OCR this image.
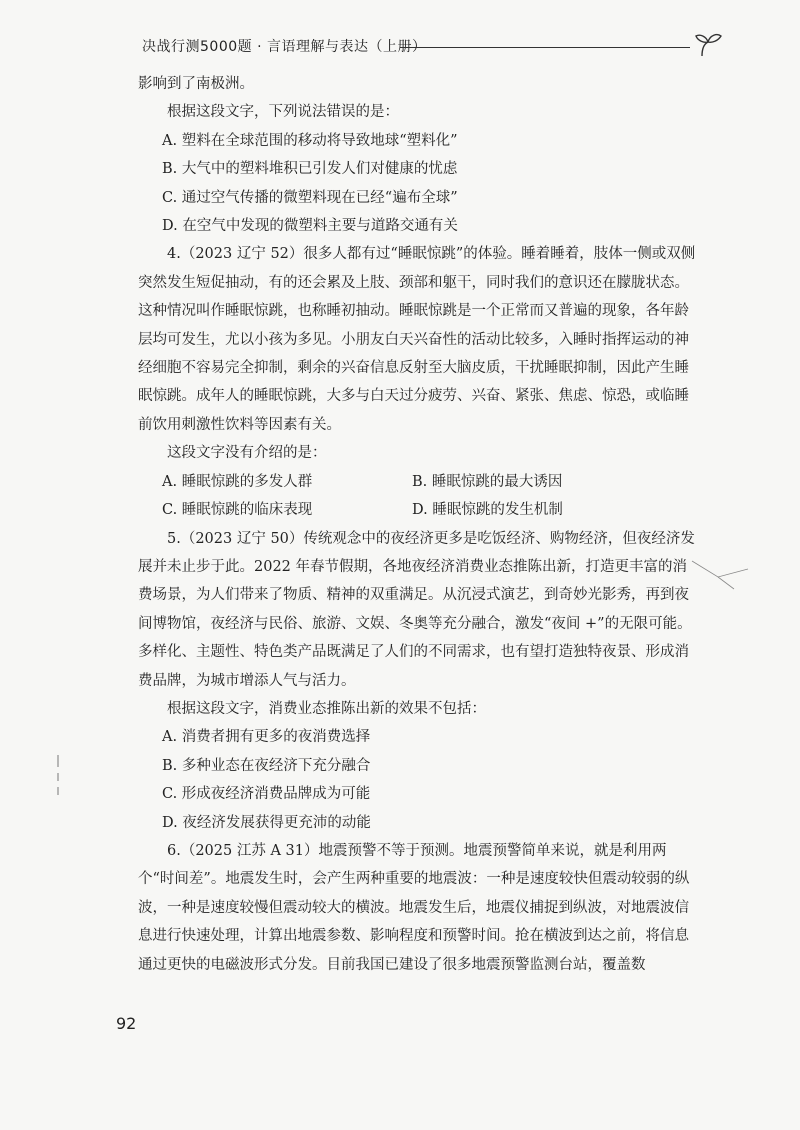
决战行测5000题 · 言语理解与表达（上册）

影响到了南极洲。

根据这段文字，下列说法错误的是：

A. 塑料在全球范围的移动将导致地球“塑料化”

B. 大气中的塑料堆积已引发人们对健康的忧虑

C. 通过空气传播的微塑料现在已经“遍布全球”

D. 在空气中发现的微塑料主要与道路交通有关

4.（2023 辽宁 52）很多人都有过“睡眠惊跳”的体验。睡着睡着，肢体一侧或双侧突然发生短促抽动，有的还会累及上肢、颈部和躯干，同时我们的意识还在朦胧状态。这种情况叫作睡眠惊跳，也称睡初抽动。睡眠惊跳是一个正常而又普遍的现象，各年龄层均可发生，尤以小孩为多见。小朋友白天兴奋性的活动比较多，入睡时指挥运动的神经细胞不容易完全抑制，剩余的兴奋信息反射至大脑皮质，干扰睡眠抑制，因此产生睡眠惊跳。成年人的睡眠惊跳，大多与白天过分疲劳、兴奋、紧张、焦虑、惊恐，或临睡前饮用刺激性饮料等因素有关。

这段文字没有介绍的是：

A. 睡眠惊跳的多发人群	B. 睡眠惊跳的最大诱因
C. 睡眠惊跳的临床表现	D. 睡眠惊跳的发生机制

5.（2023 辽宁 50）传统观念中的夜经济更多是吃饭经济、购物经济，但夜经济发展并未止步于此。2022 年春节假期，各地夜经济消费业态推陈出新，打造更丰富的消费场景，为人们带来了物质、精神的双重满足。从沉浸式演艺，到奇妙光影秀，再到夜间博物馆，夜经济与民俗、旅游、文娱、冬奥等充分融合，激发“夜间 +”的无限可能。多样化、主题性、特色类产品既满足了人们的不同需求，也有望打造独特夜景、形成消费品牌，为城市增添人气与活力。

根据这段文字，消费业态推陈出新的效果不包括：

A. 消费者拥有更多的夜消费选择

B. 多种业态在夜经济下充分融合

C. 形成夜经济消费品牌成为可能

D. 夜经济发展获得更充沛的动能

6.（2025 江苏 A 31）地震预警不等于预测。地震预警简单来说，就是利用两个“时间差”。地震发生时，会产生两种重要的地震波：一种是速度较快但震动较弱的纵波，一种是速度较慢但震动较大的横波。地震发生后，地震仪捕捉到纵波，对地震波信息进行快速处理，计算出地震参数、影响程度和预警时间。抢在横波到达之前，将信息通过更快的电磁波形式分发。目前我国已建设了很多地震预警监测台站，覆盖数

92
